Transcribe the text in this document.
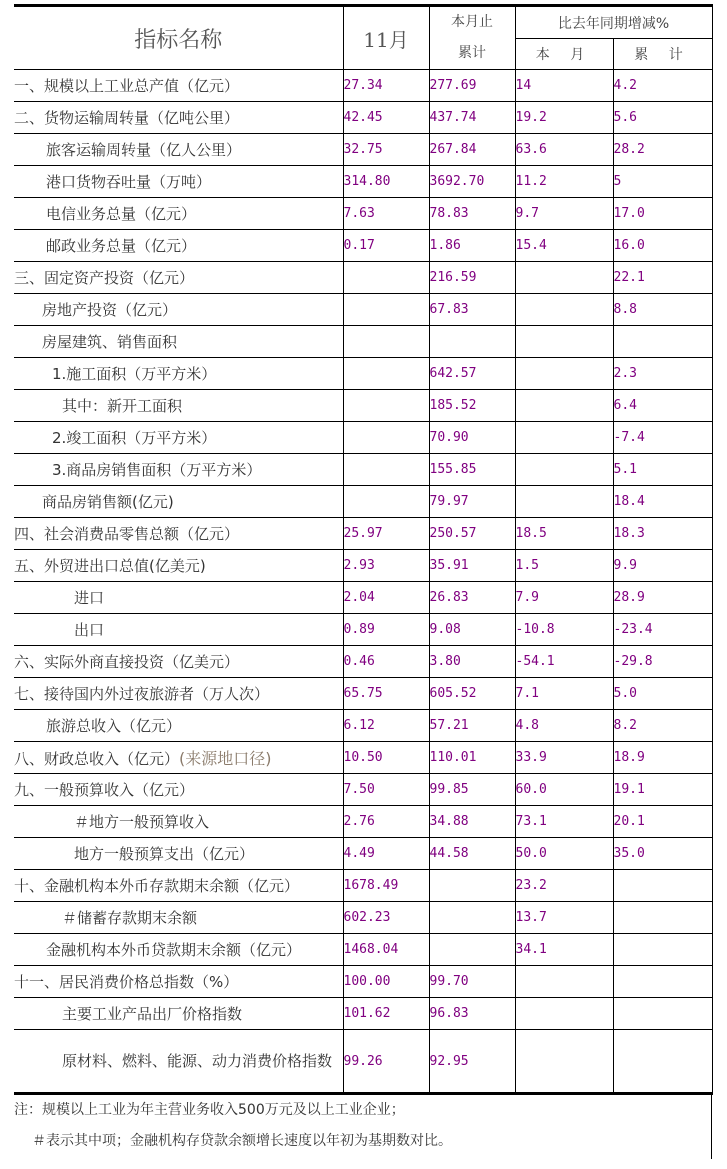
指标名称	11月	本月止
累计	比去年同期增减%	
			本 月	累 计
一、规模以上工业总产值（亿元）	27.34	277.69	14	4.2
二、货物运输周转量（亿吨公里）	42.45	437.74	19.2	5.6
旅客运输周转量（亿人公里）	32.75	267.84	63.6	28.2
港口货物吞吐量（万吨）	314.80	3692.70	11.2	5
电信业务总量（亿元）	7.63	78.83	9.7	17.0
邮政业务总量（亿元）	0.17	1.86	15.4	16.0
三、固定资产投资（亿元）		216.59		22.1
房地产投资（亿元）		67.83		8.8
房屋建筑、销售面积				
1.施工面积（万平方米）		642.57		2.3
其中：新开工面积		185.52		6.4
2.竣工面积（万平方米）		70.90		-7.4
3.商品房销售面积（万平方米）		155.85		5.1
商品房销售额(亿元)		79.97		18.4
四、社会消费品零售总额（亿元）	25.97	250.57	18.5	18.3
五、外贸进出口总值(亿美元)	2.93	35.91	1.5	9.9
进口	2.04	26.83	7.9	28.9
出口	0.89	9.08	-10.8	-23.4
六、实际外商直接投资（亿美元）	0.46	3.80	-54.1	-29.8
七、接待国内外过夜旅游者（万人次）	65.75	605.52	7.1	5.0
旅游总收入（亿元）	6.12	57.21	4.8	8.2
八、财政总收入（亿元）(来源地口径)	10.50	110.01	33.9	18.9
九、一般预算收入（亿元）	7.50	99.85	60.0	19.1
＃地方一般预算收入	2.76	34.88	73.1	20.1
地方一般预算支出（亿元）	4.49	44.58	50.0	35.0
十、金融机构本外币存款期末余额（亿元）	1678.49		23.2	
＃储蓄存款期末余额	602.23		13.7	
金融机构本外币贷款期末余额（亿元）	1468.04		34.1	
十一、居民消费价格总指数（%）	100.00	99.70		
主要工业产品出厂价格指数	101.62	96.83		
原材料、燃料、能源、动力消费价格指数	99.26	92.95		

注：规模以上工业为年主营业务收入500万元及以上工业企业；

＃表示其中项；金融机构存贷款余额增长速度以年初为基期数对比。
